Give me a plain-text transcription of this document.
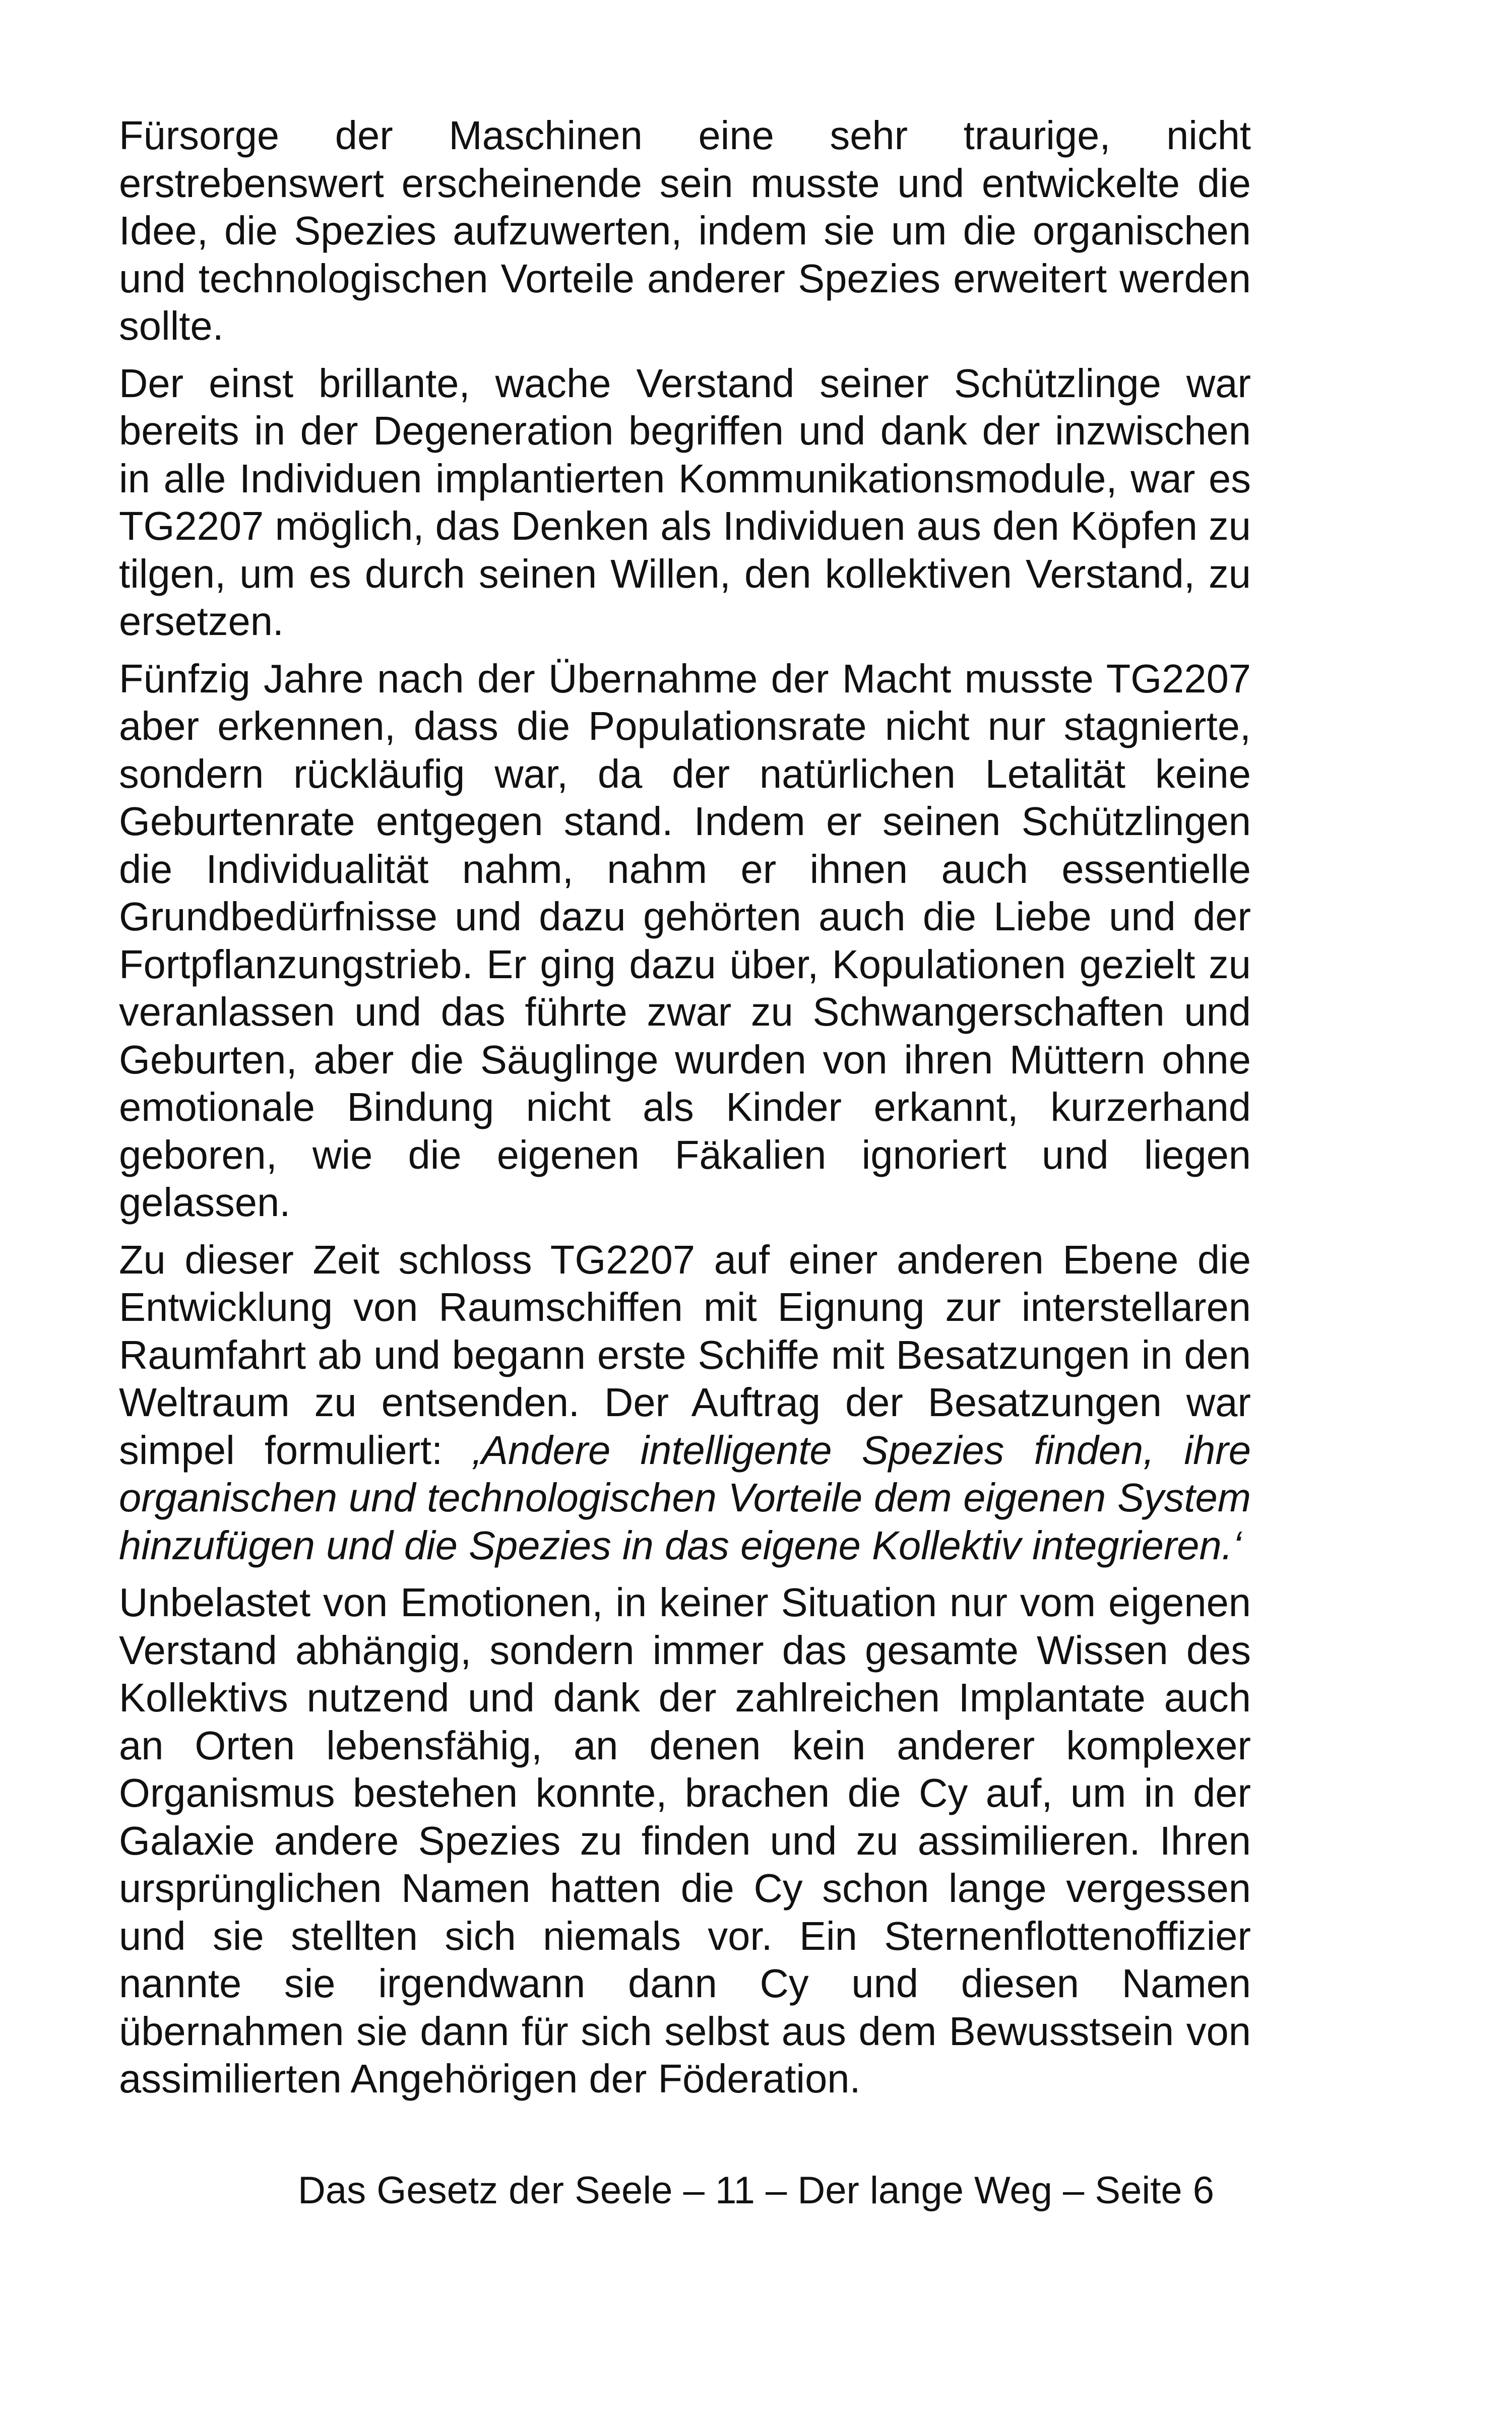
Fürsorge der Maschinen eine sehr traurige, nicht erstrebenswert erscheinende sein musste und entwickelte die Idee, die Spezies aufzuwerten, indem sie um die organischen und technologischen Vorteile anderer Spezies erweitert werden sollte.

Der einst brillante, wache Verstand seiner Schützlinge war bereits in der Degeneration begriffen und dank der inzwischen in alle Individuen implantierten Kommunikationsmodule, war es TG2207 möglich, das Denken als Individuen aus den Köpfen zu tilgen, um es durch seinen Willen, den kollektiven Verstand, zu ersetzen.

Fünfzig Jahre nach der Übernahme der Macht musste TG2207 aber erkennen, dass die Populationsrate nicht nur stagnierte, sondern rückläufig war, da der natürlichen Letalität keine Geburtenrate entgegen stand. Indem er seinen Schützlingen die Individualität nahm, nahm er ihnen auch essentielle Grundbedürfnisse und dazu gehörten auch die Liebe und der Fortpflanzungstrieb. Er ging dazu über, Kopulationen gezielt zu veranlassen und das führte zwar zu Schwangerschaften und Geburten, aber die Säuglinge wurden von ihren Müttern ohne emotionale Bindung nicht als Kinder erkannt, kurzerhand geboren, wie die eigenen Fäkalien ignoriert und liegen gelassen.

Zu dieser Zeit schloss TG2207 auf einer anderen Ebene die Entwicklung von Raumschiffen mit Eignung zur interstellaren Raumfahrt ab und begann erste Schiffe mit Besatzungen in den Weltraum zu entsenden. Der Auftrag der Besatzungen war simpel formuliert: ‚Andere intelligente Spezies finden, ihre organischen und technologischen Vorteile dem eigenen System hinzufügen und die Spezies in das eigene Kollektiv integrieren.‘

Unbelastet von Emotionen, in keiner Situation nur vom eigenen Verstand abhängig, sondern immer das gesamte Wissen des Kollektivs nutzend und dank der zahlreichen Implantate auch an Orten lebensfähig, an denen kein anderer komplexer Organismus bestehen konnte, brachen die Cy auf, um in der Galaxie andere Spezies zu finden und zu assimilieren. Ihren ursprünglichen Namen hatten die Cy schon lange vergessen und sie stellten sich niemals vor. Ein Sternenflottenoffizier nannte sie irgendwann dann Cy und diesen Namen übernahmen sie dann für sich selbst aus dem Bewusstsein von assimilierten Angehörigen der Föderation.

Das Gesetz der Seele – 11 – Der lange Weg – Seite 6
